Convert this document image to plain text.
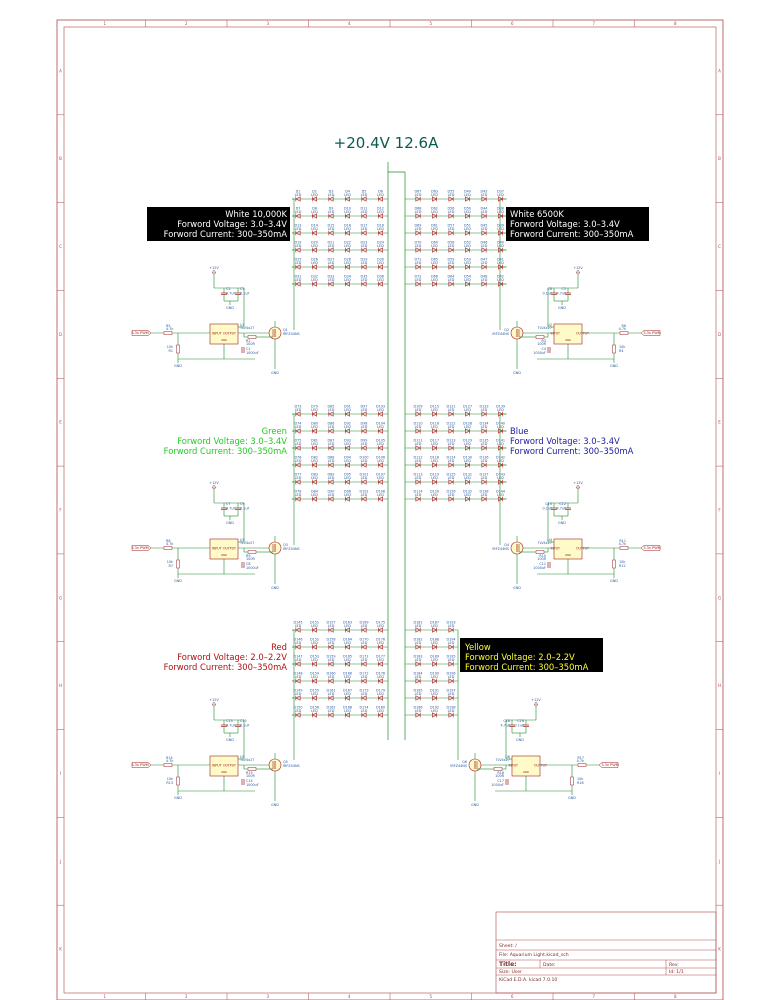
1
1
2
2
3
3
4
4
5
5
6
6
7
7
8
8
A	A
B	B
C	C
D	D
E	E
F	F
G	G
H	H
I	I
J	J
K	K
+20.4V 12.6A
D1
LED
D2
LED
D3
LED
D4
LED
D5
LED
D6
LED
D7
LED
D8
LED
D9
LED
D10
LED
D11
LED
D12
LED
D13
LED
D14
LED
D15
LED
D16
LED
D17
LED
D18
LED
D19
LED
D20
LED
D21
LED
D22
LED
D23
LED
D24
LED
D25
LED
D26
LED
D27
LED
D28
LED
D29
LED
D30
LED
D31
LED
D32
LED
D33
LED
D34
LED
D35
LED
D36
LED
D67
LED
D63
LED
D55
LED
D49
LED
D43
LED
D37
LED
D68
LED
D62
LED
D56
LED
D50
LED
D44
LED
D38
LED
D69
LED
D61
LED
D57
LED
D51
LED
D45
LED
D39
LED
D70
LED
D60
LED
D58
LED
D52
LED
D46
LED
D40
LED
D71
LED
D65
LED
D59
LED
D53
LED
D47
LED
D41
LED
D72
LED
D66
LED
D64
LED
D54
LED
D48
LED
D42
LED
D73
LED
D79
LED
D85
LED
D91
LED
D97
LED
D103
LED
D74
LED
D80
LED
D86
LED
D92
LED
D98
LED
D104
LED
D75
LED
D81
LED
D87
LED
D93
LED
D99
LED
D105
LED
D76
LED
D82
LED
D88
LED
D94
LED
D100
LED
D106
LED
D77
LED
D83
LED
D89
LED
D95
LED
D101
LED
D107
LED
D78
LED
D84
LED
D90
LED
D96
LED
D102
LED
D108
LED
D109
LED
D115
LED
D121
LED
D127
LED
D133
LED
D139
LED
D110
LED
D116
LED
D122
LED
D128
LED
D134
LED
D140
LED
D111
LED
D117
LED
D123
LED
D129
LED
D135
LED
D141
LED
D112
LED
D118
LED
D124
LED
D130
LED
D136
LED
D142
LED
D113
LED
D119
LED
D125
LED
D131
LED
D137
LED
D143
LED
D114
LED
D120
LED
D126
LED
D132
LED
D138
LED
D144
LED
D145
LED
D151
LED
D157
LED
D163
LED
D169
LED
D175
LED
D146
LED
D152
LED
D158
LED
D164
LED
D170
LED
D176
LED
D147
LED
D153
LED
D159
LED
D165
LED
D171
LED
D177
LED
D148
LED
D154
LED
D160
LED
D166
LED
D172
LED
D178
LED
D149
LED
D155
LED
D161
LED
D167
LED
D173
LED
D179
LED
D150
LED
D156
LED
D162
LED
D168
LED
D174
LED
D180
LED
D181
LED
D187
LED
D193
LED
D182
LED
D188
LED
D194
LED
D183
LED
D189
LED
D195
LED
D184
LED
D190
LED
D196
LED
D185
LED
D191
LED
D197
LED
D186
LED
D192
LED
D198
LED
3.3v PWM
R5
4.7k
10k
R1
INPUT OUTPUT
GND
U1
TLV4x27
+12V
C2
4.7uF
C3
0.1uF
GND
R2
100R
C1
1000uF
Q1
IRFZ44NS
GND
GND
3.3v PWM
R6
4.7k
10k
R4
INPUT	OUTPUT
GND
U2
TLV4x27
+12V
C5
4.7uF
C6
0.1uF
GND
R3
100R
C4
1000uF
Q2
IRFZ44NS
GND
GND
3.3v PWM
R8
4.7k
10k
R7
INPUT OUTPUT
GND
U3
TLV4x27
+12V
C7
4.7uF
C9
0.1uF
GND
R9
100R
C8
1000uF
Q3
IRFZ44NS
GND
GND
3.3v PWM
R11
4.7k
10k
R12
INPUT	OUTPUT
GND
U4
TLV4x27
+12V
C12
4.7uF
C10
0.1uF
GND
R10
100R
C11
1000uF
Q4
IRFZ44NS
GND
GND
3.3v PWM
R14
4.7k
10k
R13
INPUT OUTPUT
GND
U5
TLV4x27
+12V
C13
4.7uF
C15
0.1uF
GND
R15
100R
C14
1000uF
Q5
IRFZ44NS
GND
GND
3.3v PWM
R17
4.7k
10k
R16
INPUT	OUTPUT
GND
U6
TLV4x27
+12V
C16
0.1uF
C18
4.7uF
GND
R18
100R
C17
1000uF
Q6
IRFZ44NS
GND
GND
White 10,000K
Forword Voltage: 3.0–3.4V
Forword Current: 300–350mA
White 6500K
Forword Voltage: 3.0–3.4V
Forword Current: 300–350mA
Green
Forword Voltage: 3.0–3.4V
Forword Current: 300–350mA
Blue
Forword Voltage: 3.0–3.4V
Forword Current: 300–350mA
Red
Forword Voltage: 2.0–2.2V
Forword Current: 300–350mA
Yellow
Forword Voltage: 2.0–2.2V
Forword Current: 300–350mA
Sheet: /
File: Aquarium Light.kicad_sch
Title:
Size: User
Date:	Rev:
KiCad E.D.A. kicad 7.0.10
Id: 1/1
